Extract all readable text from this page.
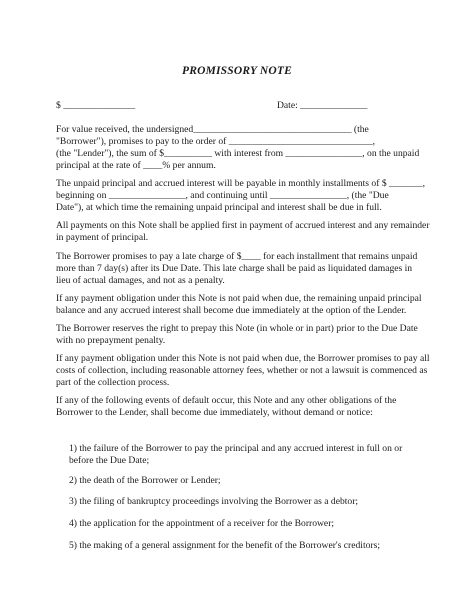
PROMISSORY NOTE
$ _______________	Date: ______________
For value received, the undersigned_________________________________ (the
"Borrower"), promises to pay to the order of ______________________________,
(the "Lender"), the sum of $__________ with interest from ________________, on the unpaid
principal at the rate of ____% per annum.
The unpaid principal and accrued interest will be payable in monthly installments of $ _______,
beginning on ________________, and continuing until ________________, (the "Due
Date"), at which time the remaining unpaid principal and interest shall be due in full.
All payments on this Note shall be applied first in payment of accrued interest and any remainder
in payment of principal.
The Borrower promises to pay a late charge of $____ for each installment that remains unpaid
more than 7 day(s) after its Due Date. This late charge shall be paid as liquidated damages in
lieu of actual damages, and not as a penalty.
If any payment obligation under this Note is not paid when due, the remaining unpaid principal
balance and any accrued interest shall become due immediately at the option of the Lender.
The Borrower reserves the right to prepay this Note (in whole or in part) prior to the Due Date
with no prepayment penalty.
If any payment obligation under this Note is not paid when due, the Borrower promises to pay all
costs of collection, including reasonable attorney fees, whether or not a lawsuit is commenced as
part of the collection process.
If any of the following events of default occur, this Note and any other obligations of the
Borrower to the Lender, shall become due immediately, without demand or notice:
1) the failure of the Borrower to pay the principal and any accrued interest in full on or
before the Due Date;
2) the death of the Borrower or Lender;
3) the filing of bankruptcy proceedings involving the Borrower as a debtor;
4) the application for the appointment of a receiver for the Borrower;
5) the making of a general assignment for the benefit of the Borrower's creditors;
